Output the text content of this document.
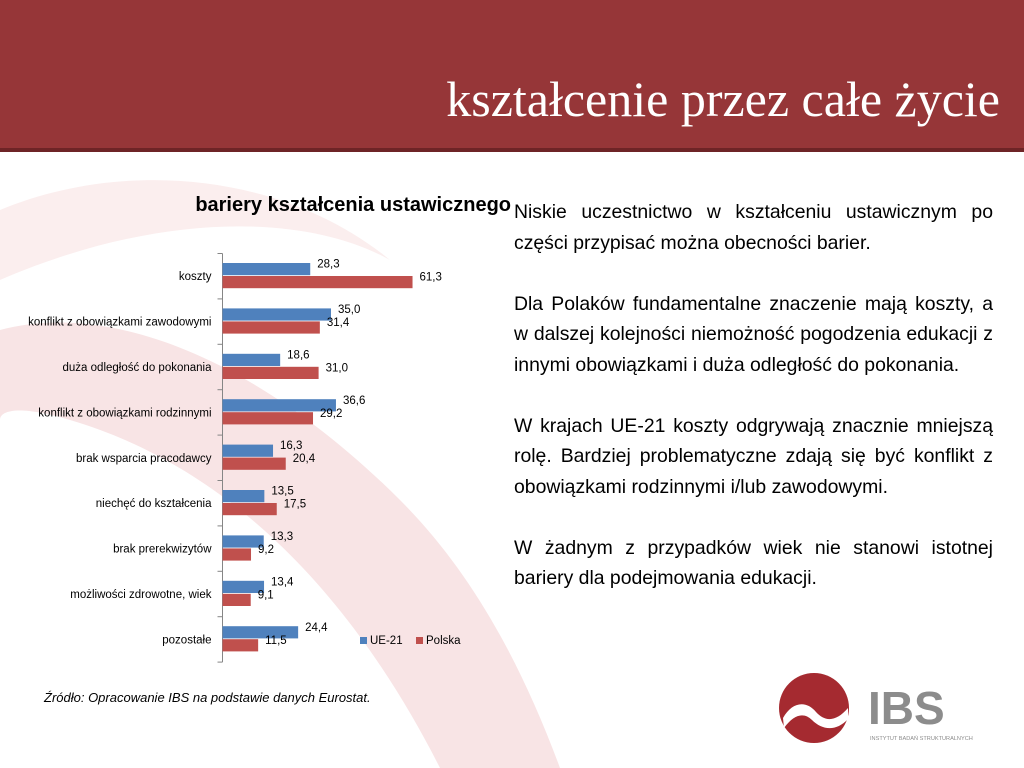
kształcenie przez całe życie
bariery kształcenia ustawicznego
koszty
28,3
61,3
konflikt z obowiązkami zawodowymi
35,0
31,4
duża odległość do pokonania
18,6
31,0
konflikt z obowiązkami rodzinnymi
36,6
29,2
brak wsparcia pracodawcy
16,3
20,4
niechęć do kształcenia
13,5
17,5
brak prerekwizytów
13,3
9,2
możliwości zdrowotne, wiek
13,4
9,1
pozostałe
24,4
11,5	UE-21 Polska
Źródło: Opracowanie IBS na podstawie danych Eurostat.

Niskie uczestnictwo w kształceniu ustawicznym po części przypisać można obecności barier.

Dla Polaków fundamentalne znaczenie mają koszty, a w dalszej kolejności niemożność pogodzenia edukacji z innymi obowiązkami i duża odległość do pokonania.

W krajach UE-21 koszty odgrywają znacznie mniejszą rolę. Bardziej problematyczne zdają się być konflikt z obowiązkami rodzinnymi i/lub zawodowymi.

W żadnym z przypadków wiek nie stanowi istotnej bariery dla podejmowania edukacji.

IBS
INSTYTUT BADAŃ STRUKTURALNYCH
